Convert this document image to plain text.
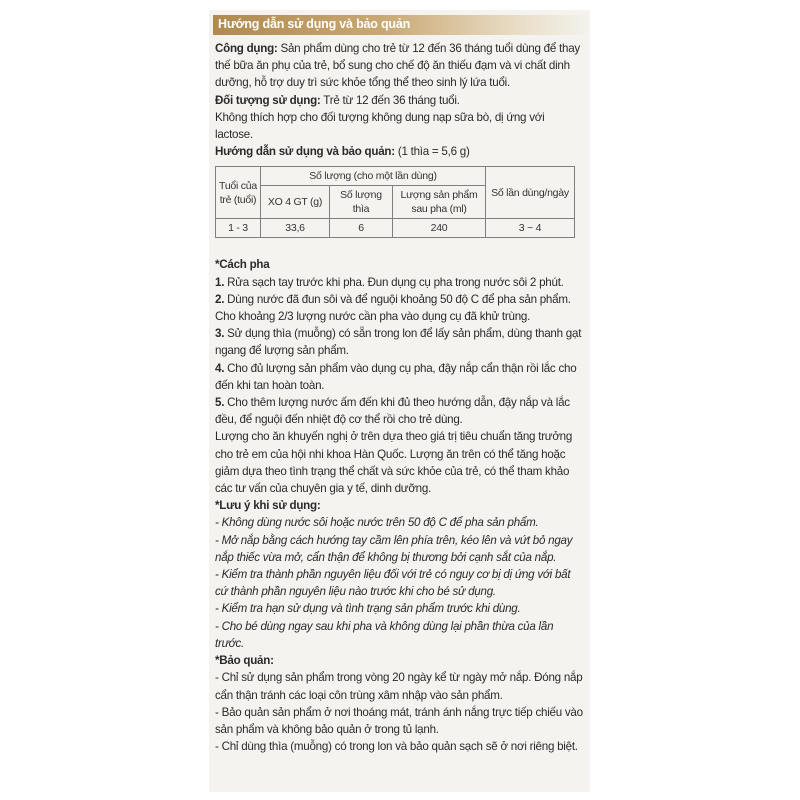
Hướng dẫn sử dụng và bảo quản

Công dụng: Sản phẩm dùng cho trẻ từ 12 đến 36 tháng tuổi dùng để thay thế bữa ăn phụ của trẻ, bổ sung cho chế độ ăn thiếu đạm và vi chất dinh dưỡng, hỗ trợ duy trì sức khỏe tổng thể theo sinh lý lứa tuổi.

Đối tượng sử dụng: Trẻ từ 12 đến 36 tháng tuổi.

Không thích hợp cho đối tượng không dung nạp sữa bò, dị ứng với lactose.

Hướng dẫn sử dụng và bảo quản: (1 thìa = 5,6 g)

Tuổi của trẻ (tuổi)	Số lượng (cho một lần dùng)			Số lần dùng/ngày
	XO 4 GT (g)	Số lượng thìa	Lượng sản phẩm sau pha (ml)	
1 - 3	33,6	6	240	3 ~ 4

*Cách pha

1. Rửa sạch tay trước khi pha. Đun dụng cụ pha trong nước sôi 2 phút.

2. Dùng nước đã đun sôi và để nguội khoảng 50 độ C để pha sản phẩm. Cho khoảng 2/3 lượng nước cần pha vào dụng cụ đã khử trùng.

3. Sử dụng thìa (muỗng) có sẵn trong lon để lấy sản phẩm, dùng thanh gạt ngang để lượng sản phẩm.

4. Cho đủ lượng sản phẩm vào dụng cụ pha, đậy nắp cẩn thận rồi lắc cho đến khi tan hoàn toàn.

5. Cho thêm lượng nước ấm đến khi đủ theo hướng dẫn, đậy nắp và lắc đều, để nguội đến nhiệt độ cơ thể rồi cho trẻ dùng.

Lượng cho ăn khuyến nghị ở trên dựa theo giá trị tiêu chuẩn tăng trưởng cho trẻ em của hội nhi khoa Hàn Quốc. Lượng ăn trên có thể tăng hoặc giảm dựa theo tình trạng thể chất và sức khỏe của trẻ, có thể tham khảo các tư vấn của chuyên gia y tế, dinh dưỡng.

*Lưu ý khi sử dụng:

- Không dùng nước sôi hoặc nước trên 50 độ C để pha sản phẩm.

- Mở nắp bằng cách hướng tay cầm lên phía trên, kéo lên và vứt bỏ ngay nắp thiếc vừa mở, cẩn thận để không bị thương bởi cạnh sắt của nắp.

- Kiểm tra thành phần nguyên liệu đối với trẻ có nguy cơ bị dị ứng với bất cứ thành phần nguyên liệu nào trước khi cho bé sử dụng.

- Kiểm tra hạn sử dụng và tình trạng sản phẩm trước khi dùng.

- Cho bé dùng ngay sau khi pha và không dùng lại phần thừa của lần trước.

*Bảo quản:

- Chỉ sử dụng sản phẩm trong vòng 20 ngày kể từ ngày mở nắp. Đóng nắp cẩn thận tránh các loại côn trùng xâm nhập vào sản phẩm.

- Bảo quản sản phẩm ở nơi thoáng mát, tránh ánh nắng trực tiếp chiếu vào sản phẩm và không bảo quản ở trong tủ lạnh.

- Chỉ dùng thìa (muỗng) có trong lon và bảo quản sạch sẽ ở nơi riêng biệt.
